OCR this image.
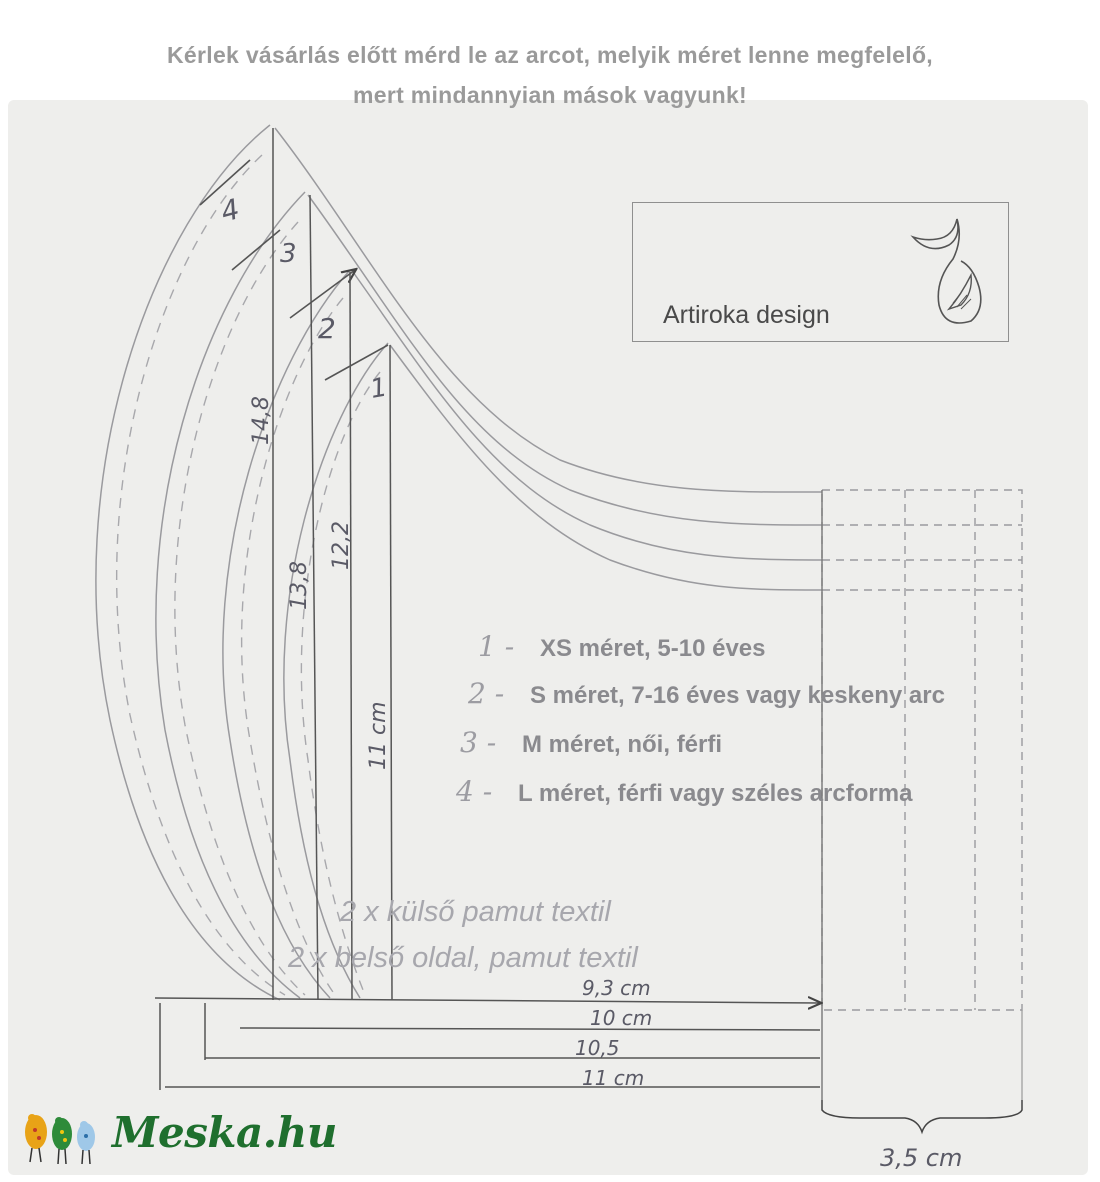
Kérlek vásárlás előtt mérd le az arcot, melyik méret lenne megfelelő,
mert mindannyian mások vagyunk!
4
3
2
1
14,8
13,8
12,2
11 cm
9,3 cm
10 cm
10,5
11 cm
3,5 cm
Artiroka design
1 - XS méret, 5-10 éves
2 - S méret, 7-16 éves vagy keskeny arc
3 - M méret, női, férfi
4 - L méret, férfi vagy széles arcforma
2 x külső pamut textil
2 x belső oldal, pamut textil
Meska.hu
